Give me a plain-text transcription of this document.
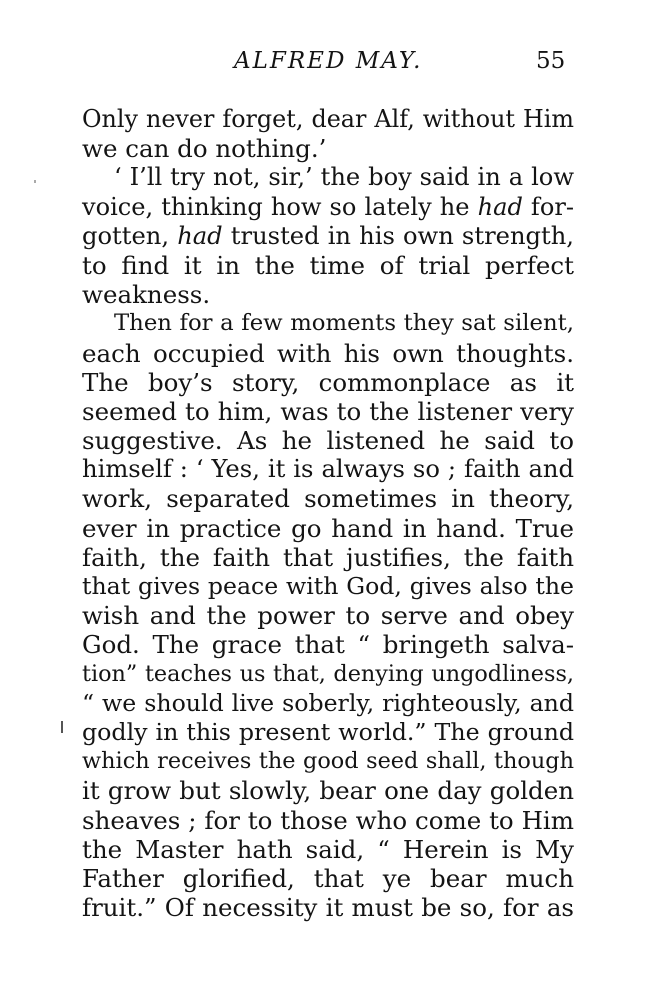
ALFRED MAY.	55
Only never forget, dear Alf, without Him
we can do nothing.’
‘ I’ll try not, sir,’ the boy said in a low
voice, thinking how so lately he had for-
gotten, had trusted in his own strength,
to find it in the time of trial perfect
weakness.
Then for a few moments they sat silent,
each occupied with his own thoughts.
The boy’s story, commonplace as it
seemed to him, was to the listener very
suggestive. As he listened he said to
himself : ‘ Yes, it is always so ; faith and
work, separated sometimes in theory,
ever in practice go hand in hand. True
faith, the faith that justifies, the faith
that gives peace with God, gives also the
wish and the power to serve and obey
God. The grace that “ bringeth salva-
tion” teaches us that, denying ungodliness,
“ we should live soberly, righteously, and
godly in this present world.” The ground
which receives the good seed shall, though
it grow but slowly, bear one day golden
sheaves ; for to those who come to Him
the Master hath said, “ Herein is My
Father glorified, that ye bear much
fruit.” Of necessity it must be so, for as
